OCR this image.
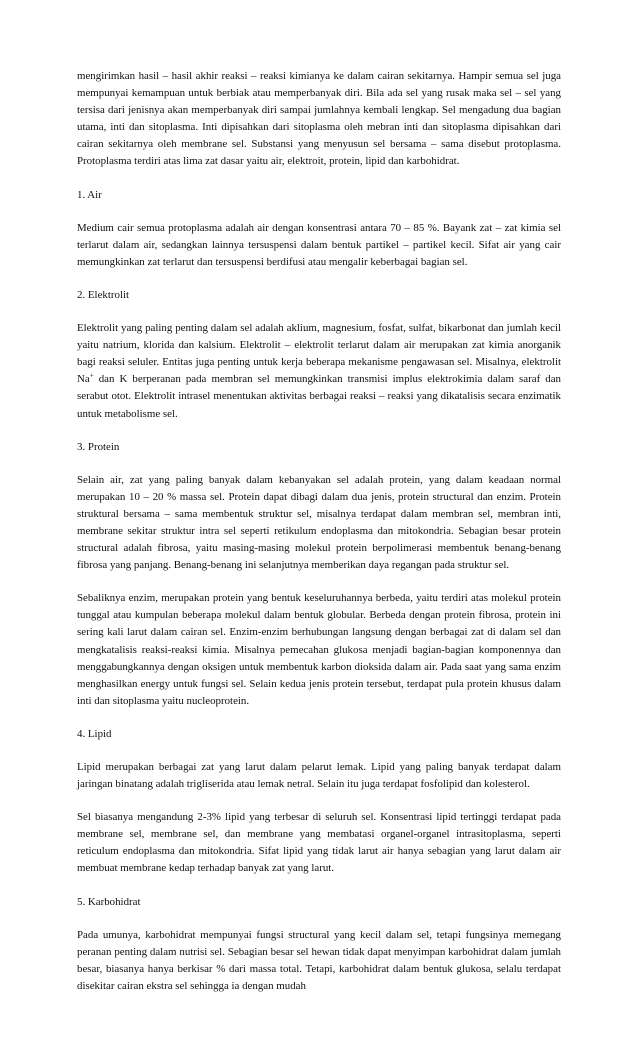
mengirimkan hasil – hasil akhir reaksi – reaksi kimianya ke dalam cairan sekitarnya. Hampir semua sel juga mempunyai kemampuan untuk berbiak atau memperbanyak diri. Bila ada sel yang rusak maka sel – sel yang tersisa dari jenisnya akan memperbanyak diri sampai jumlahnya kembali lengkap. Sel mengadung dua bagian utama, inti dan sitoplasma. Inti dipisahkan dari sitoplasma oleh mebran inti dan sitoplasma dipisahkan dari cairan sekitarnya oleh membrane sel. Substansi yang menyusun sel bersama – sama disebut protoplasma. Protoplasma terdiri atas lima zat dasar yaitu air, elektroit, protein, lipid dan karbohidrat.

1. Air

Medium cair semua protoplasma adalah air dengan konsentrasi antara 70 – 85 %. Bayank zat – zat kimia sel terlarut dalam air, sedangkan lainnya tersuspensi dalam bentuk partikel – partikel kecil. Sifat air yang cair memungkinkan zat terlarut dan tersuspensi berdifusi atau mengalir keberbagai bagian sel.

2. Elektrolit

Elektrolit yang paling penting dalam sel adalah aklium, magnesium, fosfat, sulfat, bikarbonat dan jumlah kecil yaitu natrium, klorida dan kalsium. Elektrolit – elektrolit terlarut dalam air merupakan zat kimia anorganik bagi reaksi seluler. Entitas juga penting untuk kerja beberapa mekanisme pengawasan sel. Misalnya, elektrolit Na+ dan K berperanan pada membran sel memungkinkan transmisi implus elektrokimia dalam saraf dan serabut otot. Elektrolit intrasel menentukan aktivitas berbagai reaksi – reaksi yang dikatalisis secara enzimatik untuk metabolisme sel.

3. Protein

Selain air, zat yang paling banyak dalam kebanyakan sel adalah protein, yang dalam keadaan normal merupakan 10 – 20 % massa sel. Protein dapat dibagi dalam dua jenis, protein structural dan enzim. Protein struktural bersama – sama membentuk struktur sel, misalnya terdapat dalam membran sel, membran inti, membrane sekitar struktur intra sel seperti retikulum endoplasma dan mitokondria. Sebagian besar protein structural adalah fibrosa, yaitu masing-masing molekul protein berpolimerasi membentuk benang-benang fibrosa yang panjang. Benang-benang ini selanjutnya memberikan daya regangan pada struktur sel.

Sebaliknya enzim, merupakan protein yang bentuk keseluruhannya berbeda, yaitu terdiri atas molekul protein tunggal atau kumpulan beberapa molekul dalam bentuk globular. Berbeda dengan protein fibrosa, protein ini sering kali larut dalam cairan sel. Enzim-enzim berhubungan langsung dengan berbagai zat di dalam sel dan mengkatalisis reaksi-reaksi kimia. Misalnya pemecahan glukosa menjadi bagian-bagian komponennya dan menggabungkannya dengan oksigen untuk membentuk karbon dioksida dalam air. Pada saat yang sama enzim menghasilkan energy untuk fungsi sel. Selain kedua jenis protein tersebut, terdapat pula protein khusus dalam inti dan sitoplasma yaitu nucleoprotein.

4. Lipid

Lipid merupakan berbagai zat yang larut dalam pelarut lemak. Lipid yang paling banyak terdapat dalam jaringan binatang adalah trigliserida atau lemak netral. Selain itu juga terdapat fosfolipid dan kolesterol.

Sel biasanya mengandung 2-3% lipid yang terbesar di seluruh sel. Konsentrasi lipid tertinggi terdapat pada membrane sel, membrane sel, dan membrane yang membatasi organel-organel intrasitoplasma, seperti reticulum endoplasma dan mitokondria. Sifat lipid yang tidak larut air hanya sebagian yang larut dalam air membuat membrane kedap terhadap banyak zat yang larut.

5. Karbohidrat

Pada umunya, karbohidrat mempunyai fungsi structural yang kecil dalam sel, tetapi fungsinya memegang peranan penting dalam nutrisi sel. Sebagian besar sel hewan tidak dapat menyimpan karbohidrat dalam jumlah besar, biasanya hanya berkisar % dari massa total. Tetapi, karbohidrat dalam bentuk glukosa, selalu terdapat disekitar cairan ekstra sel sehingga ia dengan mudah
